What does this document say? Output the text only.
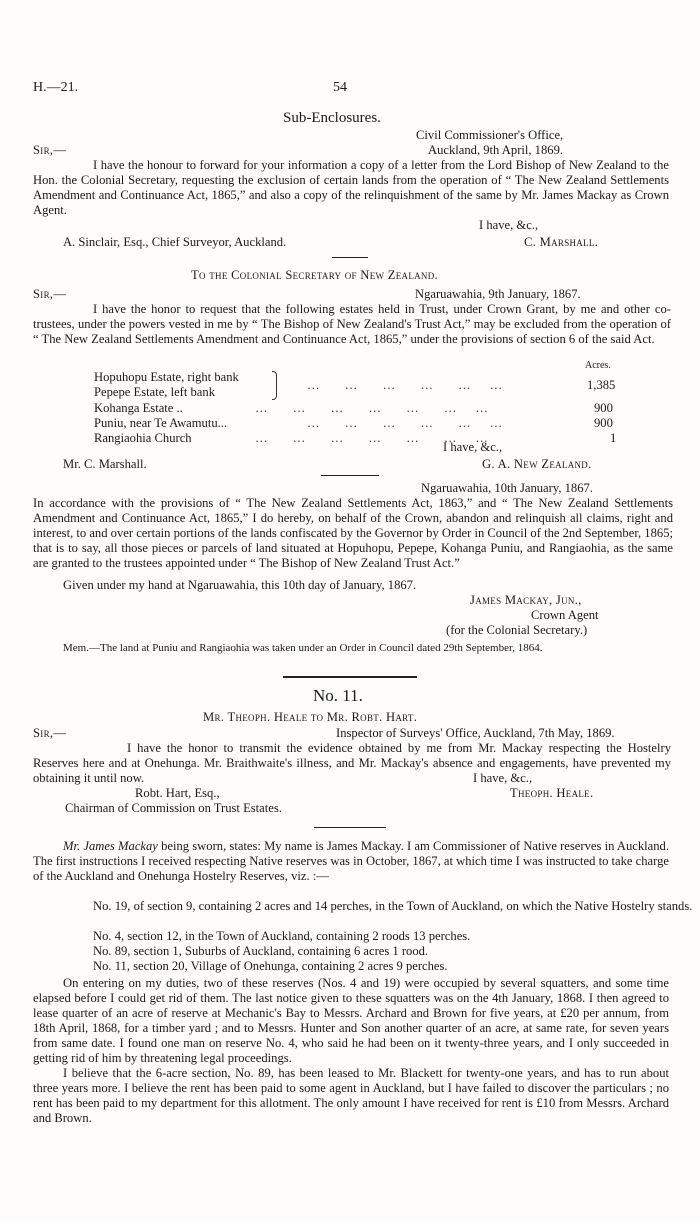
H.—21.	54
Sub-Enclosures.
Civil Commissioner's Office,
Sir,—	Auckland, 9th April, 1869.
I have the honour to forward for your information a copy of a letter from the Lord Bishop of New Zealand to the Hon. the Colonial Secretary, requesting the exclusion of certain lands from the operation of “ The New Zealand Settlements Amendment and Continuance Act, 1865,” and also a copy of the relinquishment of the same by Mr. James Mackay as Crown Agent.
I have, &c.,
A. Sinclair, Esq., Chief Surveyor, Auckland.	C. Marshall.
To the Colonial Secretary of New Zealand.
Sir,—	Ngaruawahia, 9th January, 1867.
I have the honor to request that the following estates held in Trust, under Crown Grant, by me and other co-trustees, under the powers vested in me by “ The Bishop of New Zealand's Trust Act,” may be excluded from the operation of “ The New Zealand Settlements Amendment and Continuance Act, 1865,” under the provisions of section 6 of the said Act.
Acres.
Hopuhopu Estate, right bank
Pepepe Estate, left bank	…        …        …        …        …      …	1,385
Kohanga Estate ..	…        …        …        …        …        …      …	900
Puniu, near Te Awamutu...	…        …        …        …        …      …	900
Rangiaohia Church	…        …        …        …        …        …      …	1
I have, &c.,
Mr. C. Marshall.	G. A. New Zealand.
Ngaruawahia, 10th January, 1867.
In accordance with the provisions of “ The New Zealand Settlements Act, 1863,” and “ The New Zealand Settlements Amendment and Continuance Act, 1865,” I do hereby, on behalf of the Crown, abandon and relinquish all claims, right and interest, to and over certain portions of the lands confiscated by the Governor by Order in Council of the 2nd September, 1865; that is to say, all those pieces or parcels of land situated at Hopuhopu, Pepepe, Kohanga Puniu, and Rangiaohia, as the same are granted to the trustees appointed under “ The Bishop of New Zealand Trust Act.”
Given under my hand at Ngaruawahia, this 10th day of January, 1867.
James Mackay, Jun.,
Crown Agent
(for the Colonial Secretary.)
Mem.—The land at Puniu and Rangiaohia was taken under an Order in Council dated 29th September, 1864.
No. 11.
Mr. Theoph. Heale to Mr. Robt. Hart.
Sir,—	Inspector of Surveys' Office, Auckland, 7th May, 1869.
I have the honor to transmit the evidence obtained by me from Mr. Mackay respecting the Hostelry Reserves here and at Onehunga. Mr. Braithwaite's illness, and Mr. Mackay's absence and engagements, have prevented my obtaining it until now.	I have, &c.,
Robt. Hart, Esq.,	Theoph. Heale.
Chairman of Commission on Trust Estates.
Mr. James Mackay being sworn, states: My name is James Mackay. I am Commissioner of Native reserves in Auckland. The first instructions I received respecting Native reserves was in October, 1867, at which time I was instructed to take charge of the Auckland and Onehunga Hostelry Reserves, viz. :—
No. 19, of section 9, containing 2 acres and 14 perches, in the Town of Auckland, on which the Native Hostelry stands.
No. 4, section 12, in the Town of Auckland, containing 2 roods 13 perches.
No. 89, section 1, Suburbs of Auckland, containing 6 acres 1 rood.
No. 11, section 20, Village of Onehunga, containing 2 acres 9 perches.
On entering on my duties, two of these reserves (Nos. 4 and 19) were occupied by several squatters, and some time elapsed before I could get rid of them. The last notice given to these squatters was on the 4th January, 1868. I then agreed to lease quarter of an acre of reserve at Mechanic's Bay to Messrs. Archard and Brown for five years, at £20 per annum, from 18th April, 1868, for a timber yard ; and to Messrs. Hunter and Son another quarter of an acre, at same rate, for seven years from same date. I found one man on reserve No. 4, who said he had been on it twenty-three years, and I only succeeded in getting rid of him by threatening legal proceedings.
I believe that the 6-acre section, No. 89, has been leased to Mr. Blackett for twenty-one years, and has to run about three years more. I believe the rent has been paid to some agent in Auckland, but I have failed to discover the particulars ; no rent has been paid to my department for this allotment. The only amount I have received for rent is £10 from Messrs. Archard and Brown.
